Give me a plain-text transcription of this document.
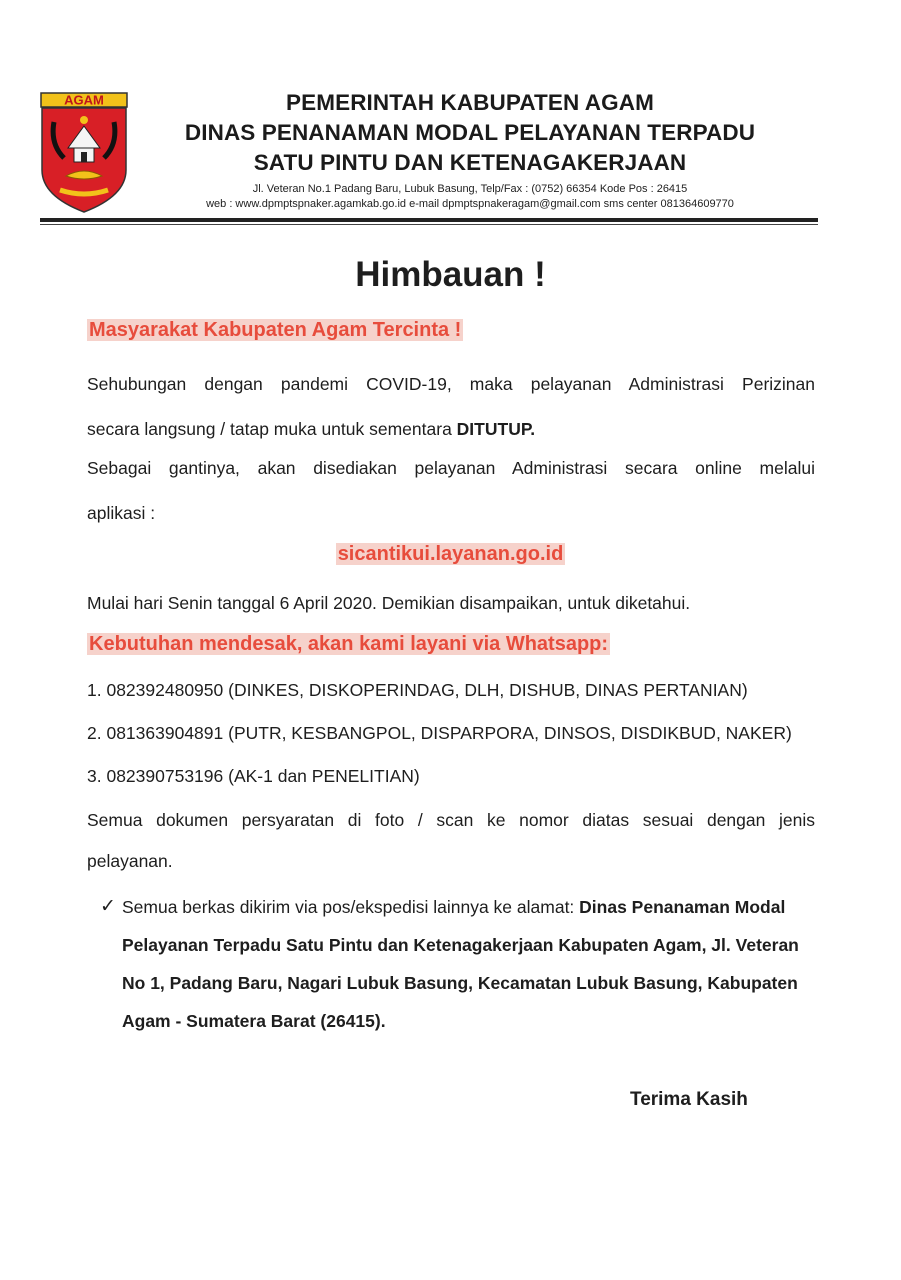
AGAM	PEMERINTAH KABUPATEN AGAM
DINAS PENANAMAN MODAL PELAYANAN TERPADU
SATU PINTU DAN KETENAGAKERJAAN
Jl. Veteran No.1 Padang Baru, Lubuk Basung, Telp/Fax : (0752) 66354 Kode Pos : 26415
web : www.dpmptspnaker.agamkab.go.id e-mail dpmptspnakeragam@gmail.com sms center 081364609770
Himbauan !
Masyarakat Kabupaten Agam Tercinta !
Sehubungan dengan pandemi COVID-19, maka pelayanan Administrasi Perizinan
secara langsung / tatap muka untuk sementara DITUTUP.
Sebagai gantinya, akan disediakan pelayanan Administrasi secara online melalui
aplikasi :
sicantikui.layanan.go.id
Mulai hari Senin tanggal 6 April 2020. Demikian disampaikan, untuk diketahui.
Kebutuhan mendesak, akan kami layani via Whatsapp:
1. 082392480950 (DINKES, DISKOPERINDAG, DLH, DISHUB, DINAS PERTANIAN)
2. 081363904891 (PUTR, KESBANGPOL, DISPARPORA, DINSOS, DISDIKBUD, NAKER)
3. 082390753196 (AK-1 dan PENELITIAN)
Semua dokumen persyaratan di foto / scan ke nomor diatas sesuai dengan jenis
pelayanan.
✓ Semua berkas dikirim via pos/ekspedisi lainnya ke alamat: Dinas Penanaman Modal Pelayanan Terpadu Satu Pintu dan Ketenagakerjaan Kabupaten Agam, Jl. Veteran No 1, Padang Baru, Nagari Lubuk Basung, Kecamatan Lubuk Basung, Kabupaten Agam - Sumatera Barat (26415).
Terima Kasih
